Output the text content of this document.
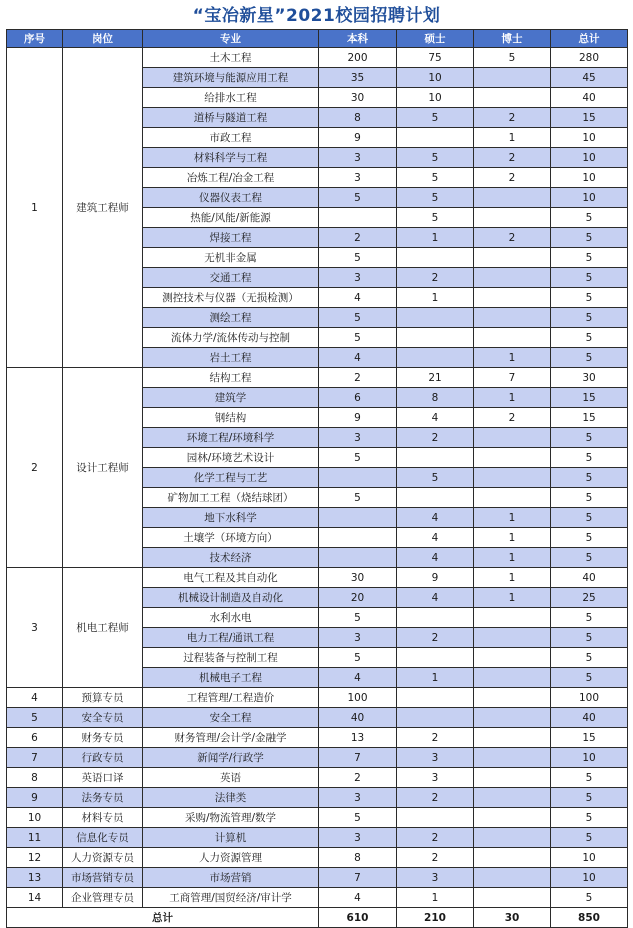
“宝冶新星”2021校园招聘计划
序号	岗位	专业	本科	硕士	博士	总计
1	建筑工程师	土木工程	200	75	5	280
		建筑环境与能源应用工程	35	10		45
		给排水工程	30	10		40
		道桥与隧道工程	8	5	2	15
		市政工程	9		1	10
		材料科学与工程	3	5	2	10
		冶炼工程/冶金工程	3	5	2	10
		仪器仪表工程	5	5		10
		热能/风能/新能源		5		5
		焊接工程	2	1	2	5
		无机非金属	5			5
		交通工程	3	2		5
		测控技术与仪器（无损检测）	4	1		5
		测绘工程	5			5
		流体力学/流体传动与控制	5			5
		岩土工程	4		1	5
2	设计工程师	结构工程	2	21	7	30
		建筑学	6	8	1	15
		钢结构	9	4	2	15
		环境工程/环境科学	3	2		5
		园林/环境艺术设计	5			5
		化学工程与工艺		5		5
		矿物加工工程（烧结球团）	5			5
		地下水科学		4	1	5
		土壤学（环境方向）		4	1	5
		技术经济		4	1	5
3	机电工程师	电气工程及其自动化	30	9	1	40
		机械设计制造及自动化	20	4	1	25
		水利水电	5			5
		电力工程/通讯工程	3	2		5
		过程装备与控制工程	5			5
		机械电子工程	4	1		5
4	预算专员	工程管理/工程造价	100			100
5	安全专员	安全工程	40			40
6	财务专员	财务管理/会计学/金融学	13	2		15
7	行政专员	新闻学/行政学	7	3		10
8	英语口译	英语	2	3		5
9	法务专员	法律类	3	2		5
10	材料专员	采购/物流管理/数学	5			5
11	信息化专员	计算机	3	2		5
12	人力资源专员	人力资源管理	8	2		10
13	市场营销专员	市场营销	7	3		10
14	企业管理专员	工商管理/国贸经济/审计学	4	1		5
总计			610	210	30	850
